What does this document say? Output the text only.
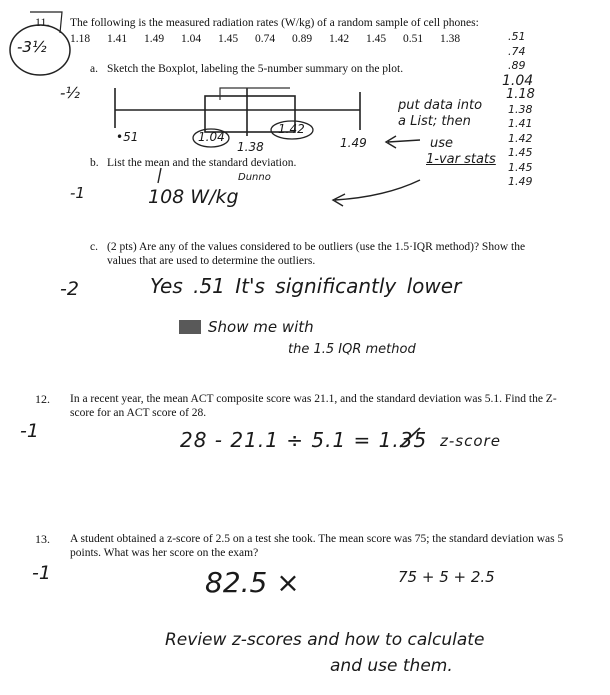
11.
-3½
The following is the measured radiation rates (W/kg) of a random sample of cell phones:
1.18 1.41 1.49 1.04 1.45 0.74 0.89 1.42 1.45 0.51 1.38
a. Sketch the Boxplot, labeling the 5-number summary on the plot.
-½
•51	1.04
1.38
1.42
1.49
put data into
a List; then
use
1-var stats
.51
.74
.89
1.04
1.18
1.38
1.41
1.42
1.45
1.45
1.49
b. List the mean and the standard deviation.
-1	108 W/kg
Dunno
c. (2 pts) Are any of the values considered to be outliers (use the 1.5·IQR method)? Show the values that are used to determine the outliers.
-2	Yes .51 It's significantly lower
Show me with
the 1.5 IQR method
12. In a recent year, the mean ACT composite score was 21.1, and the standard deviation was 5.1. Find the Z-score for an ACT score of 28.
-1	28 - 21.1 ÷ 5.1 = 1.35 z-score
13. A student obtained a z-score of 2.5 on a test she took. The mean score was 75; the standard deviation was 5 points. What was her score on the exam?
-1	82.5 ×	75 + 5 + 2.5
Review z-scores and how to calculate
and use them.
